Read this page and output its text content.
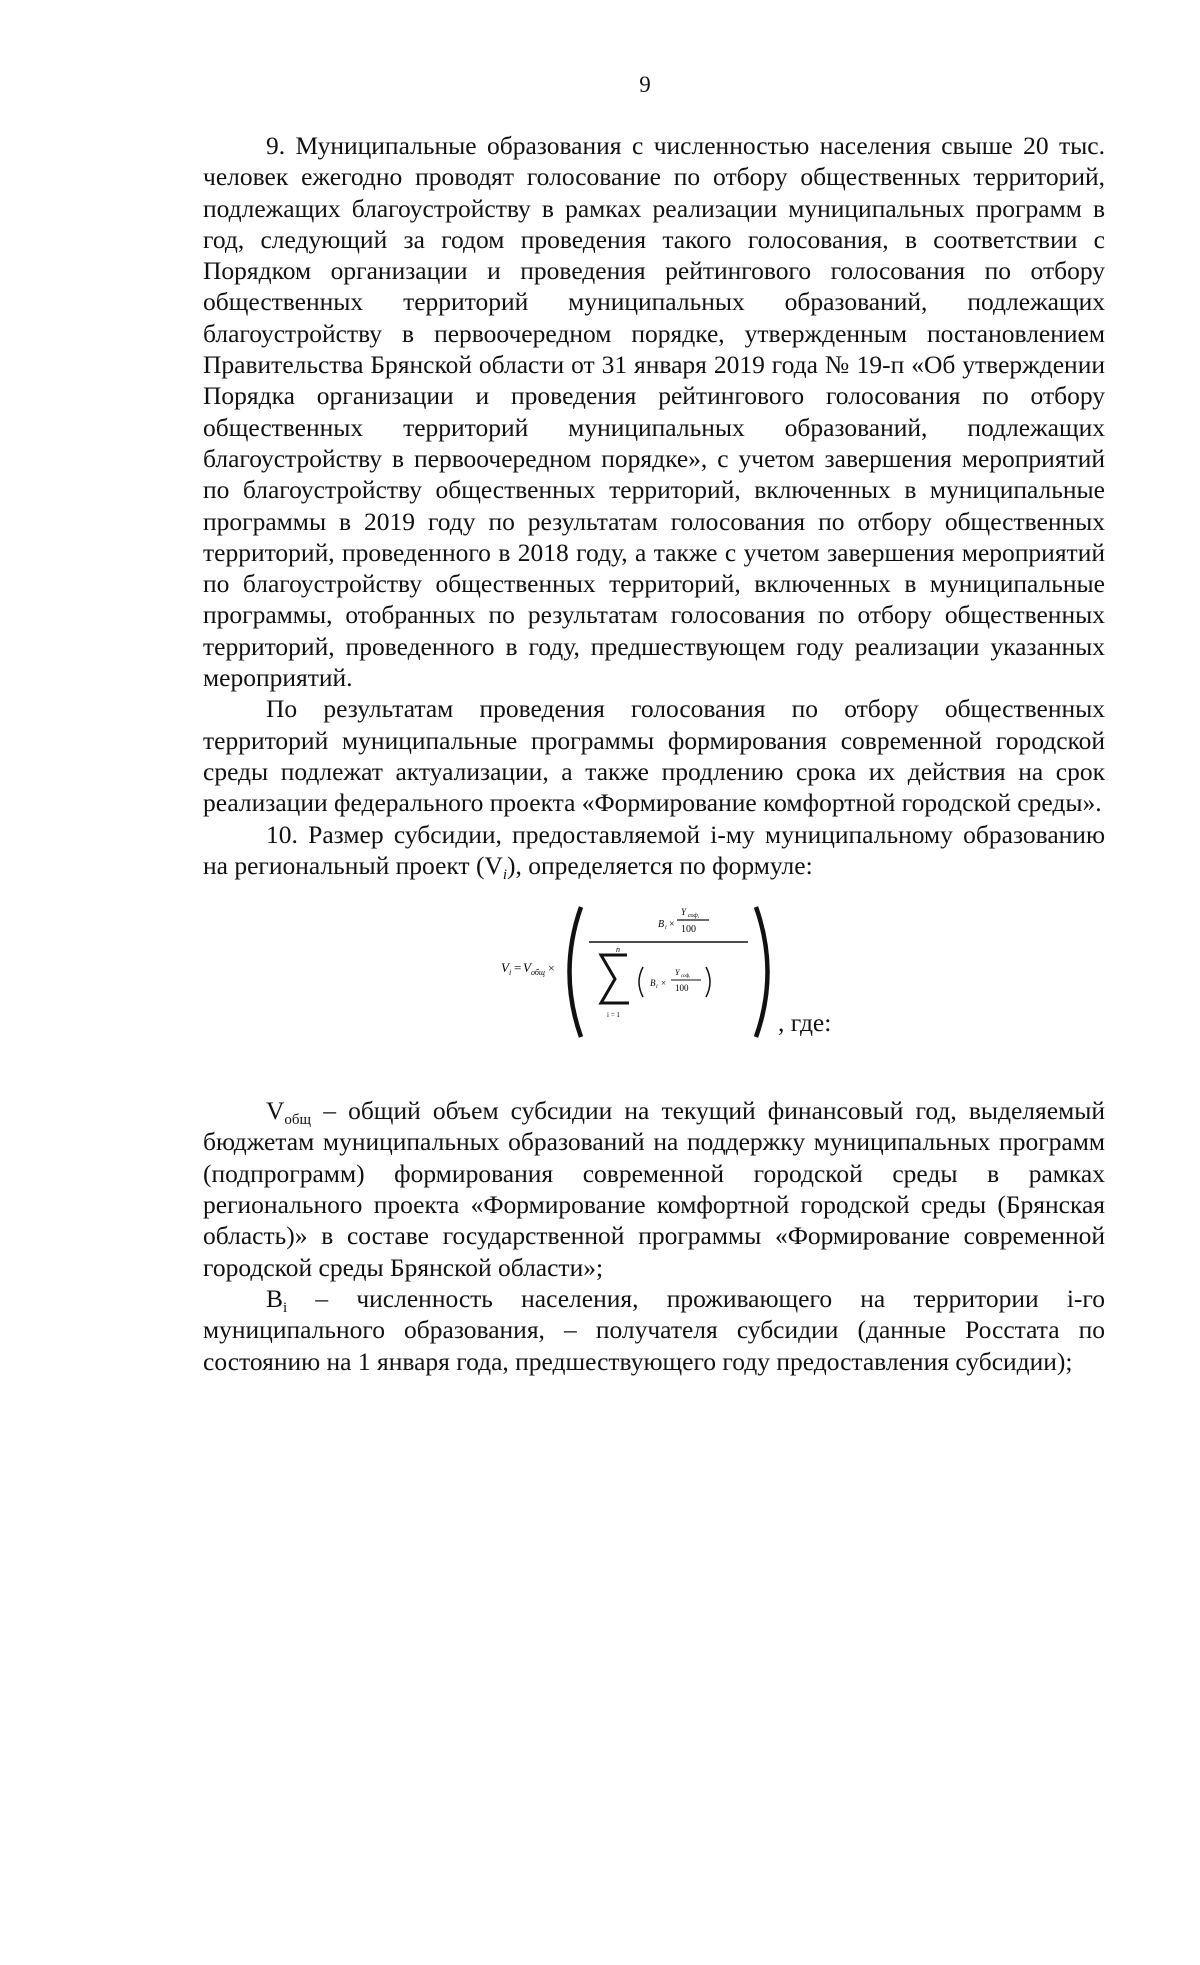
9

9. Муниципальные образования с численностью населения свыше 20 тыс. человек ежегодно проводят голосование по отбору общественных территорий, подлежащих благоустройству в рамках реализации муниципальных программ в год, следующий за годом проведения такого голосования, в соответствии с Порядком организации и проведения рейтингового голосования по отбору общественных территорий муниципальных образований, подлежащих благоустройству в первоочередном порядке, утвержденным постановлением Правительства Брянской области от 31 января 2019 года № 19-п «Об утверждении Порядка организации и проведения рейтингового голосования по отбору общественных территорий муниципальных образований, подлежащих благоустройству в первоочередном порядке», с учетом завершения мероприятий по благоустройству общественных территорий, включенных в муниципальные программы в 2019 году по результатам голосования по отбору общественных территорий, проведенного в 2018 году, а также с учетом завершения мероприятий по благоустройству общественных территорий, включенных в муниципальные программы, отобранных по результатам голосования по отбору общественных территорий, проведенного в году, предшествующем году реализации указанных мероприятий.

По результатам проведения голосования по отбору общественных территорий муниципальные программы формирования современной городской среды подлежат актуализации, а также продлению срока их действия на срок реализации федерального проекта «Формирование комфортной городской среды».

10. Размер субсидии, предоставляемой i-му муниципальному образованию на региональный проект $(V_i)$, определяется по формуле:

V i = V общ ×
B i ×
Y соф,
100
n
i = 1
B i ×
Y соф,
100
, где:

$V_{общ}$ – общий объем субсидии на текущий финансовый год, выделяемый бюджетам муниципальных образований на поддержку муниципальных программ (подпрограмм) формирования современной городской среды в рамках регионального проекта «Формирование комфортной городской среды (Брянская область)» в составе государственной программы «Формирование современной городской среды Брянской области»;

$B_i$ – численность населения, проживающего на территории i-го муниципального образования, – получателя субсидии (данные Росстата по состоянию на 1 января года, предшествующего году предоставления субсидии);
